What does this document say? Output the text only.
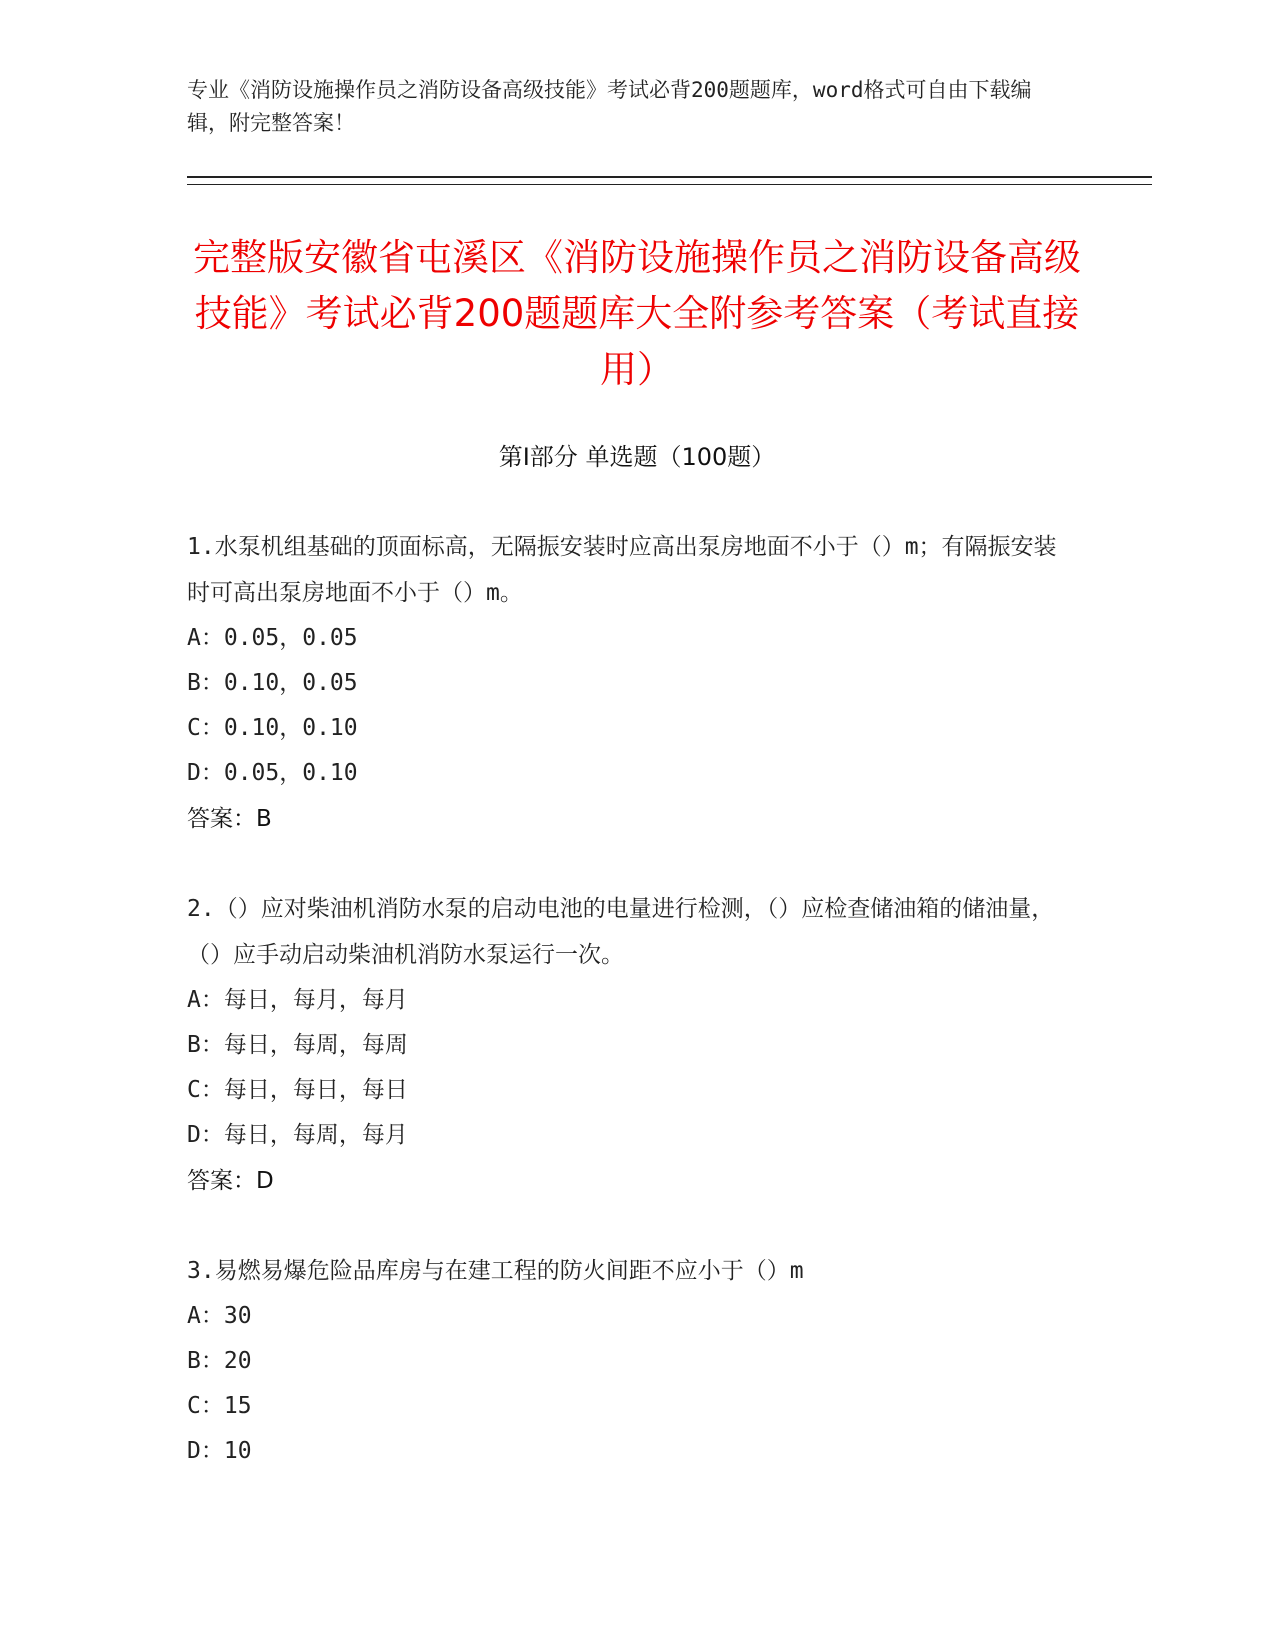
专业《消防设施操作员之消防设备高级技能》考试必背200题题库，word格式可自由下载编辑，附完整答案！

完整版安徽省屯溪区《消防设施操作员之消防设备高级技能》考试必背200题题库大全附参考答案（考试直接用）
第Ⅰ部分 单选题（100题）

1.水泵机组基础的顶面标高，无隔振安装时应高出泵房地面不小于（）m；有隔振安装时可高出泵房地面不小于（）m。

A：0.05，0.05

B：0.10，0.05

C：0.10，0.10

D：0.05，0.10

答案：B

2.（）应对柴油机消防水泵的启动电池的电量进行检测，（）应检查储油箱的储油量，（）应手动启动柴油机消防水泵运行一次。

A：每日，每月，每月

B：每日，每周，每周

C：每日，每日，每日

D：每日，每周，每月

答案：D

3.易燃易爆危险品库房与在建工程的防火间距不应小于（）m

A：30

B：20

C：15

D：10
